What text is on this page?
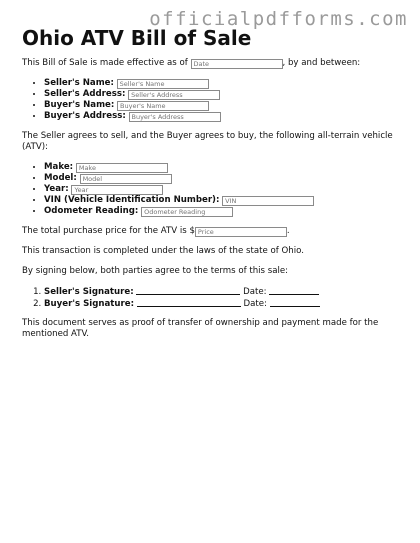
officialpdfforms.com
Ohio ATV Bill of Sale

This Bill of Sale is made effective as of Date	, by and between:

• Seller's Name: Seller's Name
• Seller's Address: Seller's Address
• Buyer's Name: Buyer's Name
• Buyer's Address: Buyer's Address

The Seller agrees to sell, and the Buyer agrees to buy, the following all-terrain vehicle (ATV):

• Make: Make
• Model: Model
• Year: Year
• VIN (Vehicle Identification Number): VIN
• Odometer Reading: Odometer Reading

The total purchase price for the ATV is $Price	.

This transaction is completed under the laws of the state of Ohio.

By signing below, both parties agree to the terms of this sale:

1. Seller's Signature:	Date:
2. Buyer's Signature:	Date:

This document serves as proof of transfer of ownership and payment made for the mentioned ATV.
